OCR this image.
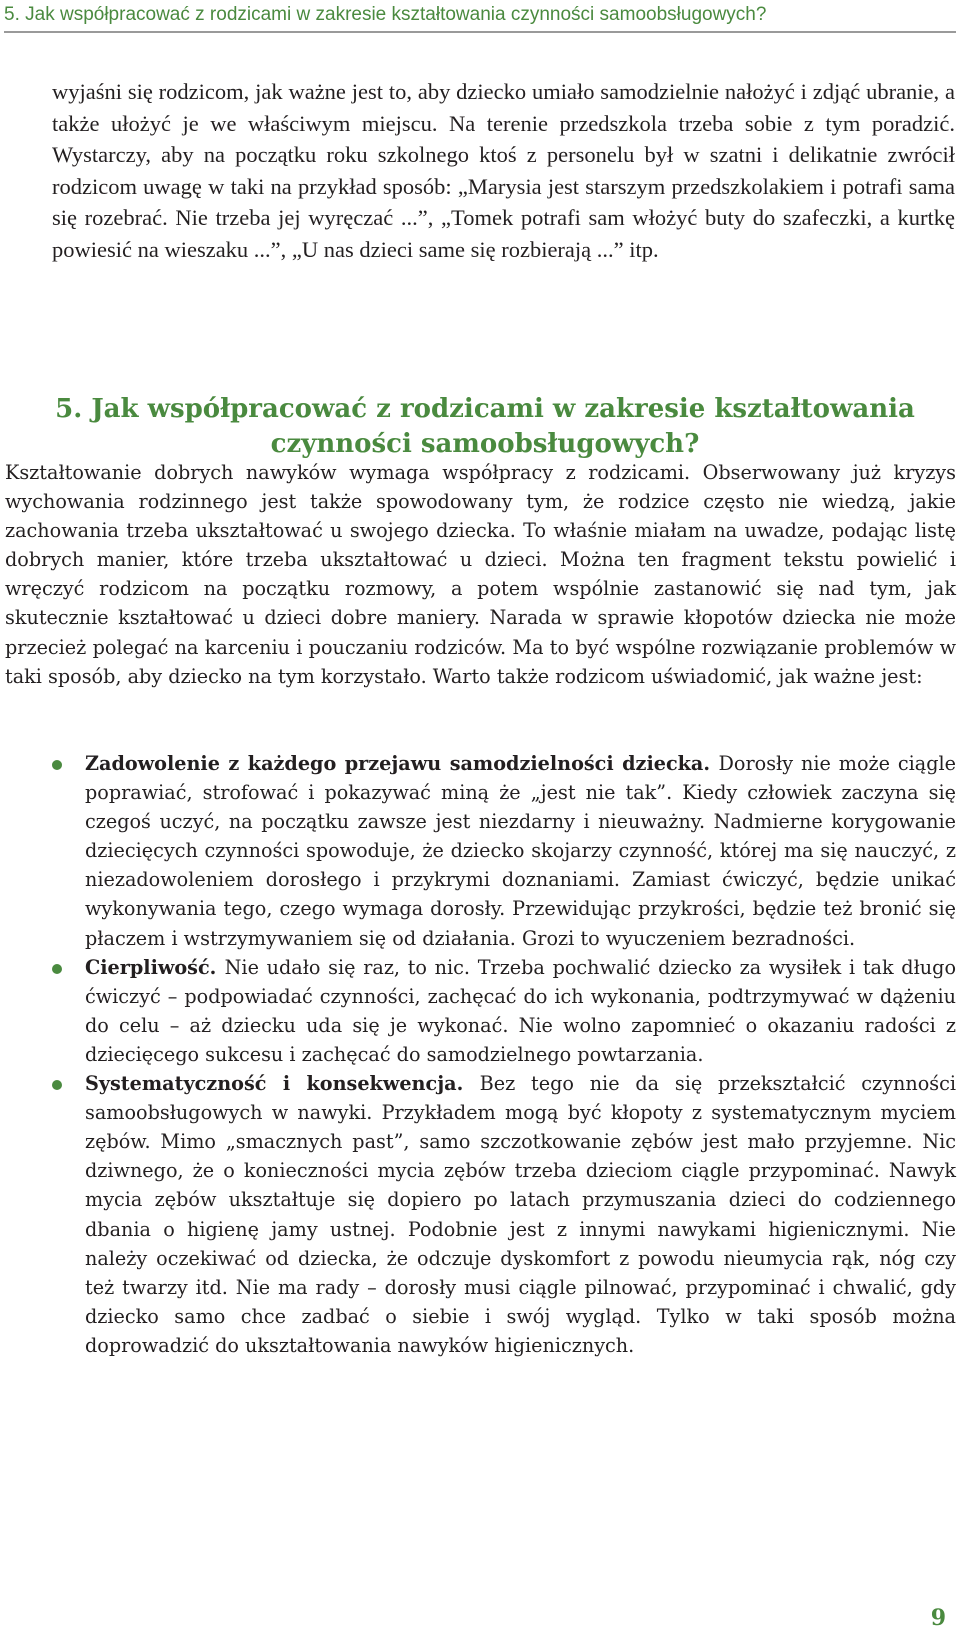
5. Jak współpracować z rodzicami w zakresie kształtowania czynności samoobsługowych?

wyjaśni się rodzicom, jak ważne jest to, aby dziecko umiało samodzielnie nałożyć i zdjąć ubranie, a także ułożyć je we właściwym miejscu. Na terenie przedszkola trzeba sobie z tym poradzić. Wystarczy, aby na początku roku szkolnego ktoś z personelu był w szatni i delikatnie zwrócił rodzicom uwagę w taki na przykład sposób: „Marysia jest starszym przedszkolakiem i potrafi sama się rozebrać. Nie trzeba jej wyręczać ...”, „Tomek potrafi sam włożyć buty do szafeczki, a kurtkę powiesić na wieszaku ...”, „U nas dzieci same się rozbierają ...” itp.

5. Jak współpracować z rodzicami w zakresie kształtowania
czynności samoobsługowych?

Kształtowanie dobrych nawyków wymaga współpracy z rodzicami. Obserwowany już kryzys wychowania rodzinnego jest także spowodowany tym, że rodzice często nie wiedzą, jakie zachowania trzeba ukształtować u swojego dziecka. To właśnie miałam na uwadze, podając listę dobrych manier, które trzeba ukształtować u dzieci. Można ten fragment tekstu powielić i wręczyć rodzicom na początku rozmowy, a potem wspólnie zastanowić się nad tym, jak skutecznie kształtować u dzieci dobre maniery. Narada w sprawie kłopotów dziecka nie może przecież polegać na karceniu i pouczaniu rodziców. Ma to być wspólne rozwiązanie problemów w taki sposób, aby dziecko na tym korzystało. Warto także rodzicom uświadomić, jak ważne jest:

Zadowolenie z każdego przejawu samodzielności dziecka. Dorosły nie może ciągle poprawiać, strofować i pokazywać miną że „jest nie tak”. Kiedy człowiek zaczyna się czegoś uczyć, na początku zawsze jest niezdarny i nieuważny. Nadmierne korygowanie dziecięcych czynności spowoduje, że dziecko skojarzy czynność, której ma się nauczyć, z niezadowoleniem dorosłego i przykrymi doznaniami. Zamiast ćwiczyć, będzie unikać wykonywania tego, czego wymaga dorosły. Przewidując przykrości, będzie też bronić się płaczem i wstrzymywaniem się od działania. Grozi to wyuczeniem bezradności.
Cierpliwość. Nie udało się raz, to nic. Trzeba pochwalić dziecko za wysiłek i tak długo ćwiczyć – podpowiadać czynności, zachęcać do ich wykonania, podtrzymywać w dążeniu do celu – aż dziecku uda się je wykonać. Nie wolno zapomnieć o okazaniu radości z dziecięcego sukcesu i zachęcać do samodzielnego powtarzania.
Systematyczność i konsekwencja. Bez tego nie da się przekształcić czynności samoobsługowych w nawyki. Przykładem mogą być kłopoty z systematycznym myciem zębów. Mimo „smacznych past”, samo szczotkowanie zębów jest mało przyjemne. Nic dziwnego, że o konieczności mycia zębów trzeba dzieciom ciągle przypominać. Nawyk mycia zębów ukształtuje się dopiero po latach przymuszania dzieci do codziennego dbania o higienę jamy ustnej. Podobnie jest z innymi nawykami higienicznymi. Nie należy oczekiwać od dziecka, że odczuje dyskomfort z powodu nieumycia rąk, nóg czy też twarzy itd. Nie ma rady – dorosły musi ciągle pilnować, przypominać i chwalić, gdy dziecko samo chce zadbać o siebie i swój wygląd. Tylko w taki sposób można doprowadzić do ukształtowania nawyków higienicznych.
9
